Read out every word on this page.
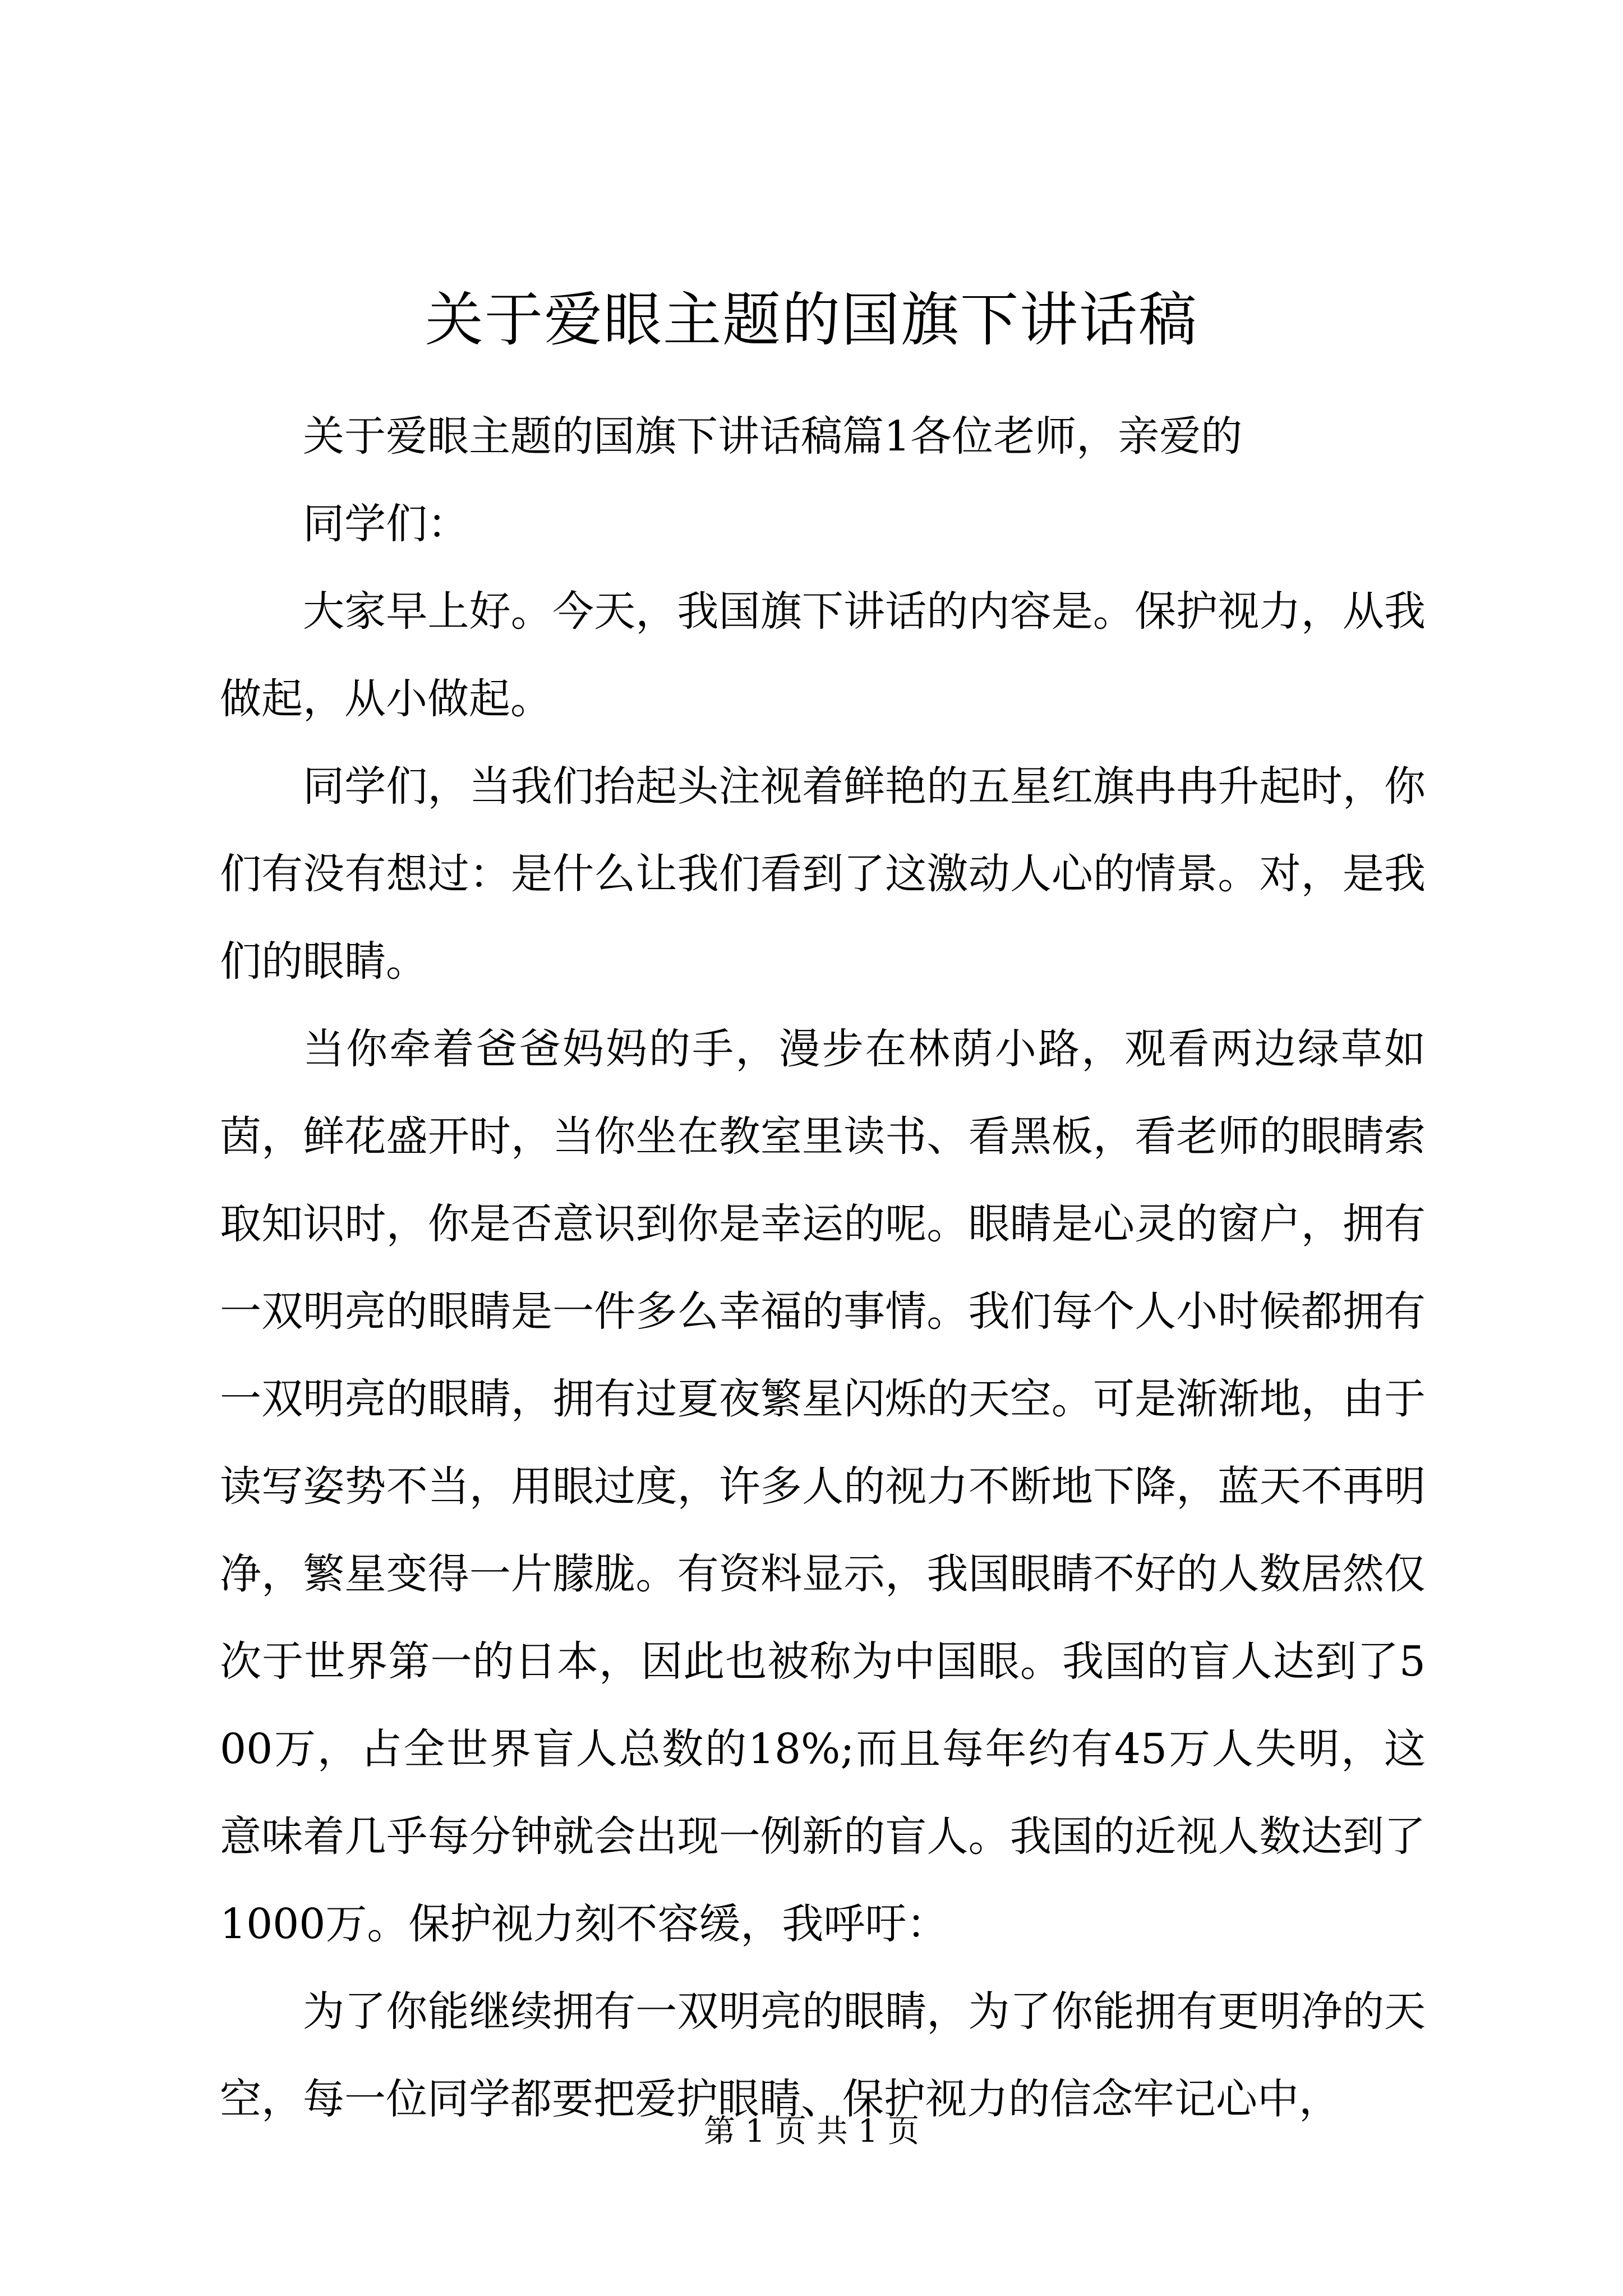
关于爱眼主题的国旗下讲话稿

关于爱眼主题的国旗下讲话稿篇1各位老师，亲爱的

同学们：

大家早上好。今天，我国旗下讲话的内容是。保护视力，从我做起，从小做起。

同学们，当我们抬起头注视着鲜艳的五星红旗冉冉升起时，你们有没有想过：是什么让我们看到了这激动人心的情景。对，是我们的眼睛。

当你牵着爸爸妈妈的手，漫步在林荫小路，观看两边绿草如茵，鲜花盛开时，当你坐在教室里读书、看黑板，看老师的眼睛索取知识时，你是否意识到你是幸运的呢。眼睛是心灵的窗户，拥有一双明亮的眼睛是一件多么幸福的事情。我们每个人小时候都拥有一双明亮的眼睛，拥有过夏夜繁星闪烁的天空。可是渐渐地，由于读写姿势不当，用眼过度，许多人的视力不断地下降，蓝天不再明净，繁星变得一片朦胧。有资料显示，我国眼睛不好的人数居然仅次于世界第一的日本，因此也被称为中国眼。我国的盲人达到了500万，占全世界盲人总数的18%;而且每年约有45万人失明，这意味着几乎每分钟就会出现一例新的盲人。我国的近视人数达到了1000万。保护视力刻不容缓，我呼吁：

为了你能继续拥有一双明亮的眼睛，为了你能拥有更明净的天空，每一位同学都要把爱护眼睛、保护视力的信念牢记心中，

第 1 页 共 1 页
